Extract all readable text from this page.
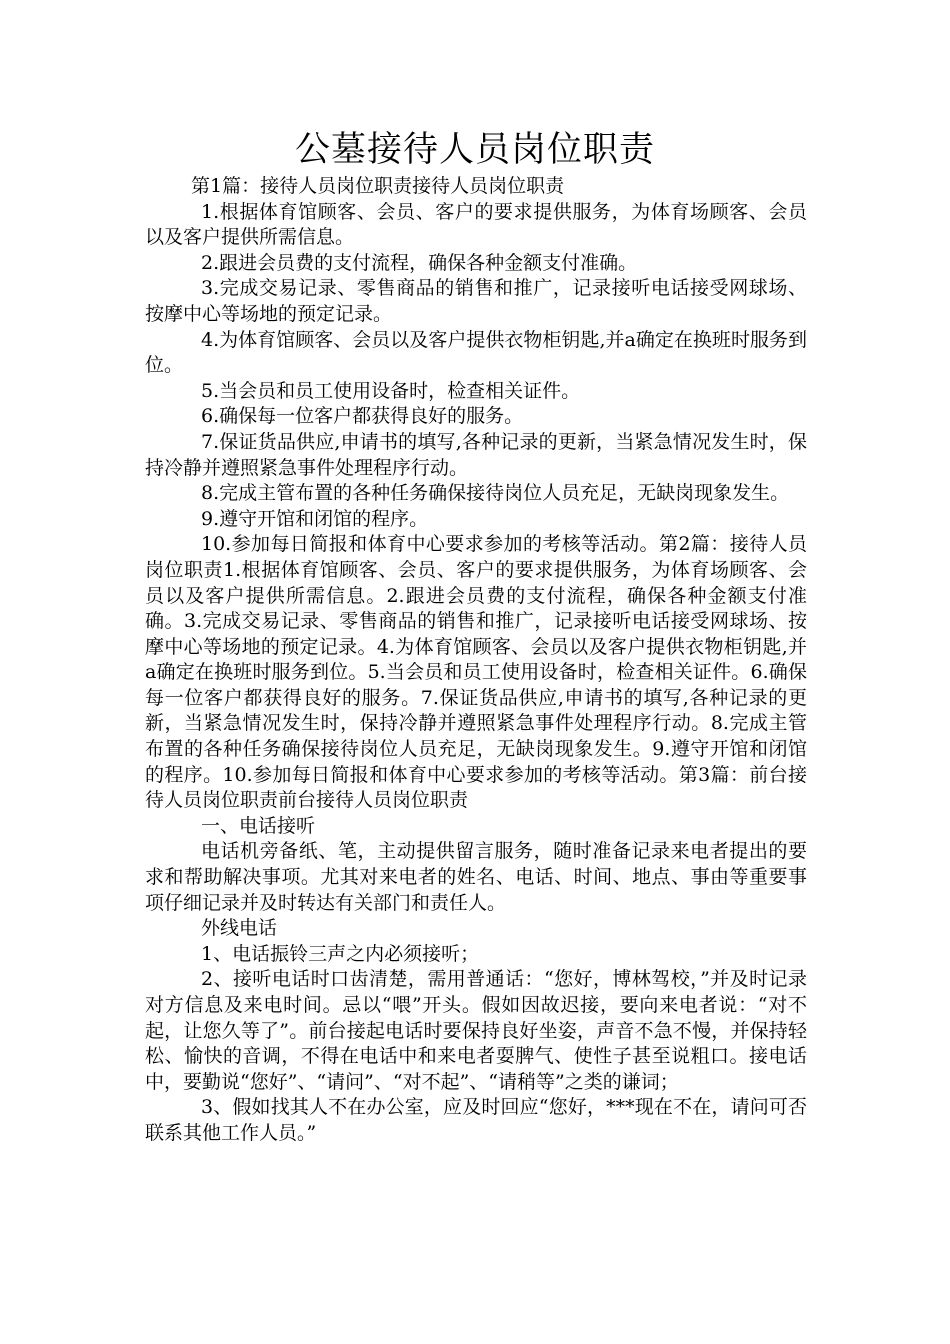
公墓接待人员岗位职责

第1篇：接待人员岗位职责接待人员岗位职责

1.根据体育馆顾客、会员、客户的要求提供服务，为体育场顾客、会员以及客户提供所需信息。

2.跟进会员费的支付流程，确保各种金额支付准确。

3.完成交易记录、零售商品的销售和推广，记录接听电话接受网球场、按摩中心等场地的预定记录。

4.为体育馆顾客、会员以及客户提供衣物柜钥匙,并a确定在换班时服务到位。

5.当会员和员工使用设备时，检查相关证件。

6.确保每一位客户都获得良好的服务。

7.保证货品供应,申请书的填写,各种记录的更新，当紧急情况发生时，保持冷静并遵照紧急事件处理程序行动。

8.完成主管布置的各种任务确保接待岗位人员充足，无缺岗现象发生。

9.遵守开馆和闭馆的程序。

10.参加每日简报和体育中心要求参加的考核等活动。第2篇：接待人员岗位职责1.根据体育馆顾客、会员、客户的要求提供服务，为体育场顾客、会员以及客户提供所需信息。2.跟进会员费的支付流程，确保各种金额支付准确。3.完成交易记录、零售商品的销售和推广，记录接听电话接受网球场、按摩中心等场地的预定记录。4.为体育馆顾客、会员以及客户提供衣物柜钥匙,并a确定在换班时服务到位。5.当会员和员工使用设备时，检查相关证件。6.确保每一位客户都获得良好的服务。7.保证货品供应,申请书的填写,各种记录的更新，当紧急情况发生时，保持冷静并遵照紧急事件处理程序行动。8.完成主管布置的各种任务确保接待岗位人员充足，无缺岗现象发生。9.遵守开馆和闭馆的程序。10.参加每日简报和体育中心要求参加的考核等活动。第3篇：前台接待人员岗位职责前台接待人员岗位职责

一、电话接听

电话机旁备纸、笔，主动提供留言服务，随时准备记录来电者提出的要求和帮助解决事项。尤其对来电者的姓名、电话、时间、地点、事由等重要事项仔细记录并及时转达有关部门和责任人。

外线电话

1、电话振铃三声之内必须接听；

2、接听电话时口齿清楚，需用普通话：“您好，博林驾校，”并及时记录对方信息及来电时间。忌以“喂”开头。假如因故迟接，要向来电者说：“对不起，让您久等了”。前台接起电话时要保持良好坐姿，声音不急不慢，并保持轻松、愉快的音调，不得在电话中和来电者耍脾气、使性子甚至说粗口。接电话中，要勤说“您好”、“请问”、“对不起”、“请稍等”之类的谦词；

3、假如找其人不在办公室，应及时回应“您好，***现在不在，请问可否联系其他工作人员。”
